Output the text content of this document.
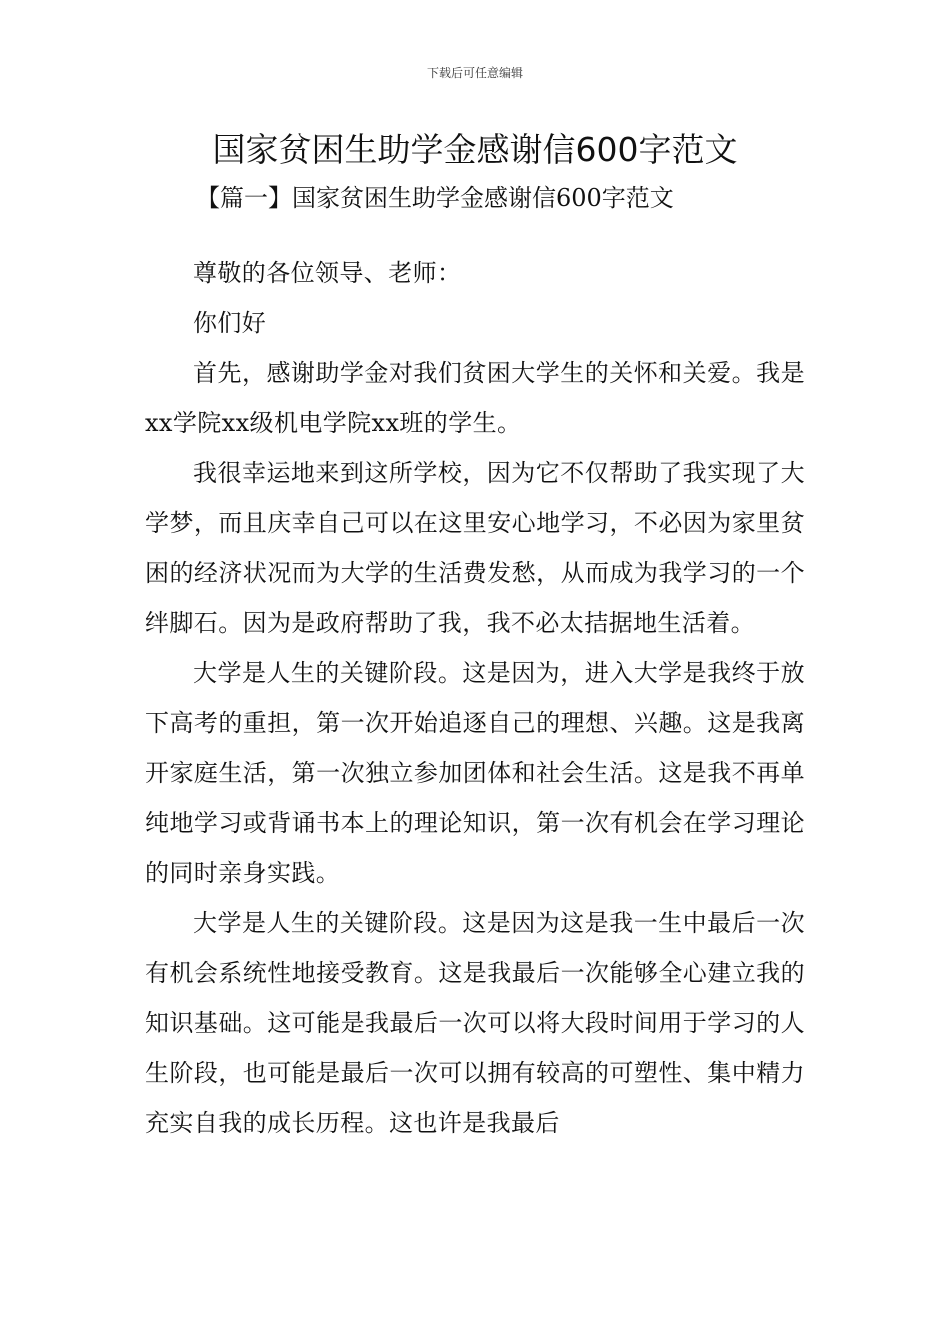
下载后可任意编辑
国家贫困生助学金感谢信600字范文
【篇一】国家贫困生助学金感谢信600字范文

尊敬的各位领导、老师：

你们好

首先，感谢助学金对我们贫困大学生的关怀和关爱。我是xx学院xx级机电学院xx班的学生。

我很幸运地来到这所学校，因为它不仅帮助了我实现了大学梦，而且庆幸自己可以在这里安心地学习，不必因为家里贫困的经济状况而为大学的生活费发愁，从而成为我学习的一个绊脚石。因为是政府帮助了我，我不必太拮据地生活着。

大学是人生的关键阶段。这是因为，进入大学是我终于放下高考的重担，第一次开始追逐自己的理想、兴趣。这是我离开家庭生活，第一次独立参加团体和社会生活。这是我不再单纯地学习或背诵书本上的理论知识，第一次有机会在学习理论的同时亲身实践。

大学是人生的关键阶段。这是因为这是我一生中最后一次有机会系统性地接受教育。这是我最后一次能够全心建立我的知识基础。这可能是我最后一次可以将大段时间用于学习的人生阶段，也可能是最后一次可以拥有较高的可塑性、集中精力充实自我的成长历程。这也许是我最后
